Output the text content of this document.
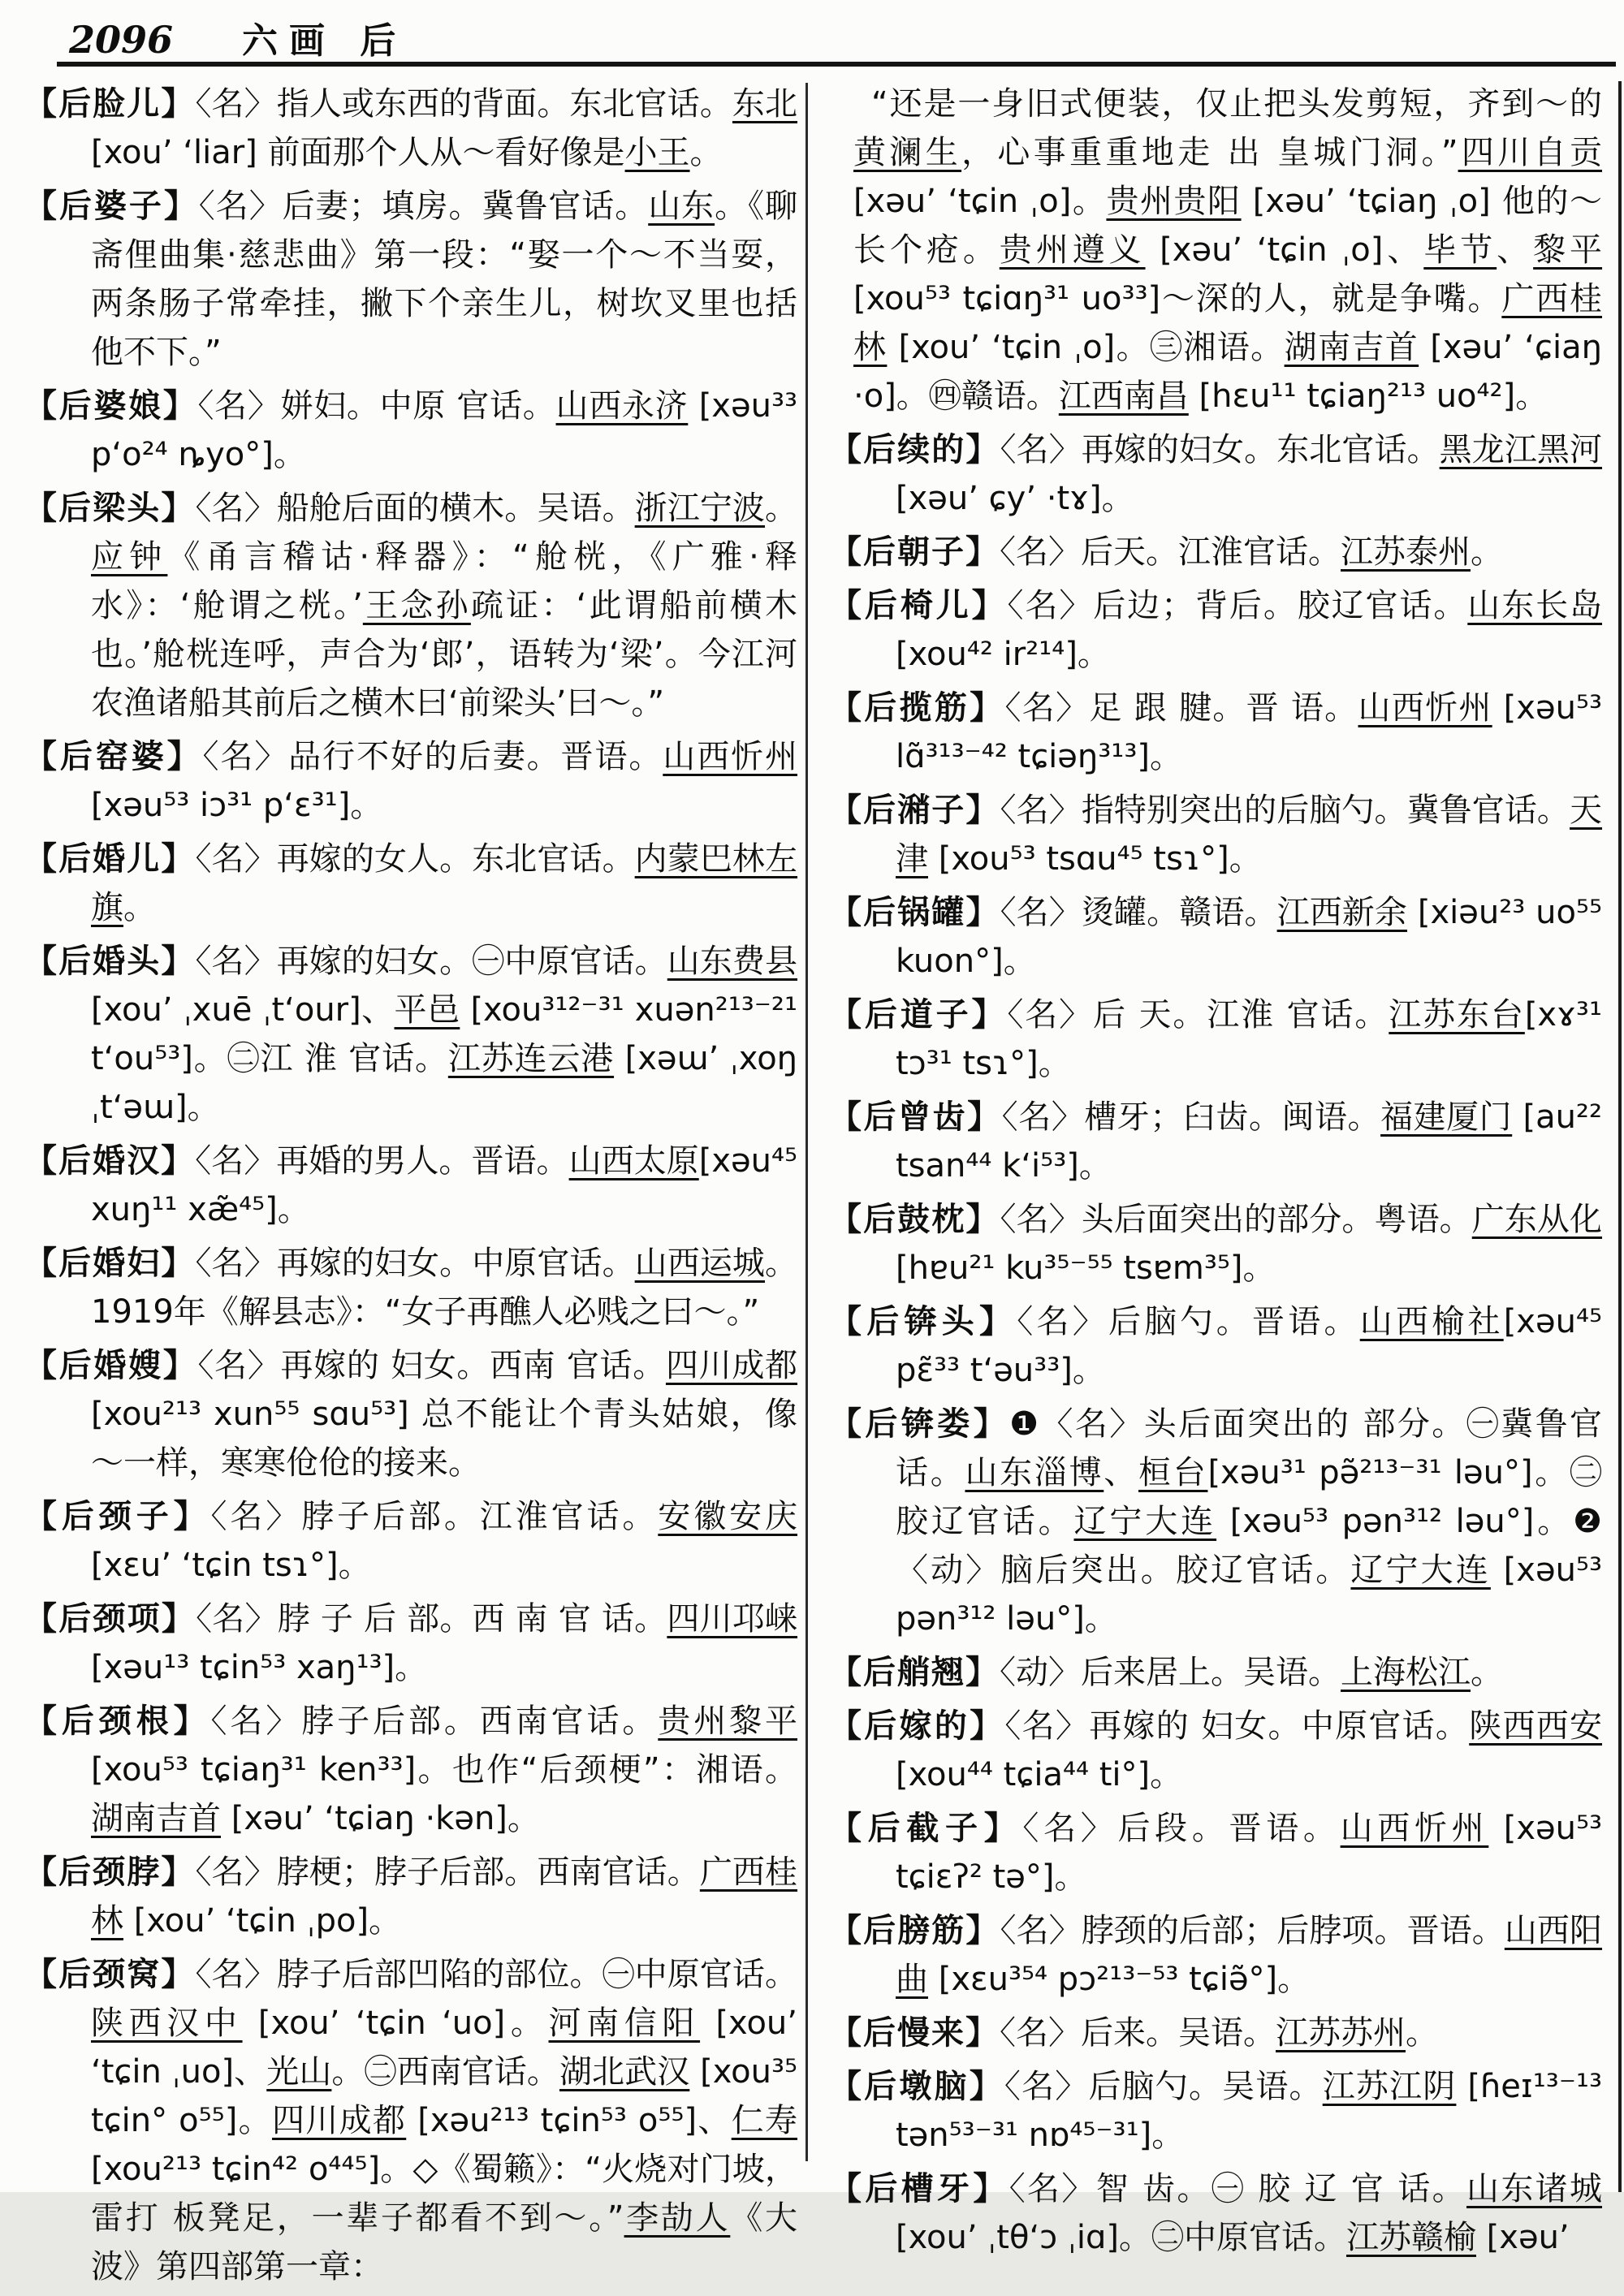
2096 六画 后
【后脸儿】〈名〉指人或东西的背面。东北官话。东北 [xou’ ‘liar] 前面那个人从～看好像是小王。
【后婆子】〈名〉后妻；填房。冀鲁官话。山东。《聊斋俚曲集·慈悲曲》第一段：“娶一个～不当耍，两条肠子常牵挂，撇下个亲生儿，树坎叉里也括他不下。”
【后婆娘】〈名〉姘妇。中原 官话。山西永济 [xəu³³ p‘o²⁴ ȵyo°]。
【后梁头】〈名〉船舱后面的横木。吴语。浙江宁波。应钟《甬言稽诂·释器》：“舱桄，《广雅·释水》：‘舱谓之桄。’王念孙疏证：‘此谓船前横木也。’舱桄连呼，声合为‘郎’，语转为‘梁’。今江河农渔诸船其前后之横木曰‘前梁头’曰～。”
【后窑婆】〈名〉品行不好的后妻。晋语。山西忻州 [xəu⁵³ iɔ³¹ p‘ɛ³¹]。
【后婚儿】〈名〉再嫁的女人。东北官话。内蒙巴林左旗。
【后婚头】〈名〉再嫁的妇女。㊀中原官话。山东费县 [xou’ ˌxuē ˌt‘our]、平邑 [xou³¹²⁻³¹ xuən²¹³⁻²¹ t‘ou⁵³]。㊁江 淮 官话。江苏连云港 [xəɯ’ ˌxoŋ ˌt‘əɯ]。
【后婚汉】〈名〉再婚的男人。晋语。山西太原[xəu⁴⁵ xuŋ¹¹ xæ̃⁴⁵]。
【后婚妇】〈名〉再嫁的妇女。中原官话。山西运城。1919年《解县志》：“女子再醮人必贱之曰～。”
【后婚嫂】〈名〉再嫁的 妇女。西南 官话。四川成都 [xou²¹³ xun⁵⁵ sɑu⁵³] 总不能让个青头姑娘，像～一样，寒寒伧伧的接来。
【后颈子】〈名〉脖子后部。江淮官话。安徽安庆 [xɛu’ ‘tɕin tsɿ°]。
【后颈项】〈名〉脖 子 后 部。西 南 官 话。四川邛崃 [xəu¹³ tɕin⁵³ xaŋ¹³]。
【后颈根】〈名〉脖子后部。西南官话。贵州黎平[xou⁵³ tɕiaŋ³¹ ken³³]。也作“后颈梗”：湘语。湖南吉首 [xəu’ ‘tɕiaŋ ·kən]。
【后颈脖】〈名〉脖梗；脖子后部。西南官话。广西桂林 [xou’ ‘tɕin ˌpo]。
【后颈窝】〈名〉脖子后部凹陷的部位。㊀中原官话。陕西汉中 [xou’ ‘tɕin ‘uo]。河南信阳 [xou’ ‘tɕin ˌuo]、光山。㊁西南官话。湖北武汉 [xou³⁵ tɕin° o⁵⁵]。四川成都 [xəu²¹³ tɕin⁵³ o⁵⁵]、仁寿 [xou²¹³ tɕin⁴² o⁴⁴⁵]。◇《蜀籁》：“火烧对门坡，雷打 板凳足，一辈子都看不到～。”李劼人《大波》第四部第一章：
“还是一身旧式便装，仅止把头发剪短，齐到～的黄澜生，心事重重地走 出 皇城门洞。”四川自贡 [xəu’ ‘tɕin ˌo]。贵州贵阳 [xəu’ ‘tɕiaŋ ˌo] 他的～长个疮。贵州遵义 [xəu’ ‘tɕin ˌo]、毕节、黎平 [xou⁵³ tɕiɑŋ³¹ uo³³]～深的人，就是争嘴。广西桂林 [xou’ ‘tɕin ˌo]。㊂湘语。湖南吉首 [xəu’ ‘ɕiaŋ ·o]。㊃赣语。江西南昌 [hɛu¹¹ tɕiaŋ²¹³ uo⁴²]。
【后续的】〈名〉再嫁的妇女。东北官话。黑龙江黑河 [xəu’ ɕy’ ·tɤ]。
【后朝子】〈名〉后天。江淮官话。江苏泰州。
【后椅儿】〈名〉后边；背后。胶辽官话。山东长岛 [xou⁴² ir²¹⁴]。
【后揽筋】〈名〉足 跟 腱。晋 语。山西忻州 [xəu⁵³ lɑ̃³¹³⁻⁴² tɕiəŋ³¹³]。
【后潲子】〈名〉指特别突出的后脑勺。冀鲁官话。天津 [xou⁵³ tsɑu⁴⁵ tsɿ°]。
【后锅罐】〈名〉烫罐。赣语。江西新余 [xiəu²³ uo⁵⁵ kuon°]。
【后道子】〈名〉后 天。江淮 官话。江苏东台[xɤ³¹ tɔ³¹ tsɿ°]。
【后曾齿】〈名〉槽牙；臼齿。闽语。福建厦门 [au²² tsan⁴⁴ k‘i⁵³]。
【后鼓枕】〈名〉头后面突出的部分。粤语。广东从化 [hɐu²¹ ku³⁵⁻⁵⁵ tsɐm³⁵]。
【后锛头】〈名〉后脑勺。晋语。山西榆社[xəu⁴⁵ pɛ̃³³ t‘əu³³]。
【后锛娄】❶〈名〉头后面突出的 部分。㊀冀鲁官话。山东淄博、桓台[xəu³¹ pə̃²¹³⁻³¹ ləu°]。㊁胶辽官话。辽宁大连 [xəu⁵³ pən³¹² ləu°]。❷〈动〉脑后突出。胶辽官话。辽宁大连 [xəu⁵³ pən³¹² ləu°]。
【后艄翘】〈动〉后来居上。吴语。上海松江。
【后嫁的】〈名〉再嫁的 妇女。中原官话。陕西西安 [xou⁴⁴ tɕia⁴⁴ ti°]。
【后截子】〈名〉后段。晋语。山西忻州 [xəu⁵³ tɕiɛʔ² tə°]。
【后膀筋】〈名〉脖颈的后部；后脖项。晋语。山西阳曲 [xɛu³⁵⁴ pɔ²¹³⁻⁵³ tɕiə̃°]。
【后慢来】〈名〉后来。吴语。江苏苏州。
【后墩脑】〈名〉后脑勺。吴语。江苏江阴 [ɦeɪ¹³⁻¹³ tən⁵³⁻³¹ nɒ⁴⁵⁻³¹]。
【后槽牙】〈名〉智 齿。㊀ 胶 辽 官 话。山东诸城 [xou’ ˌtθ‘ɔ ˌiɑ]。㊁中原官话。江苏赣榆 [xəu’
